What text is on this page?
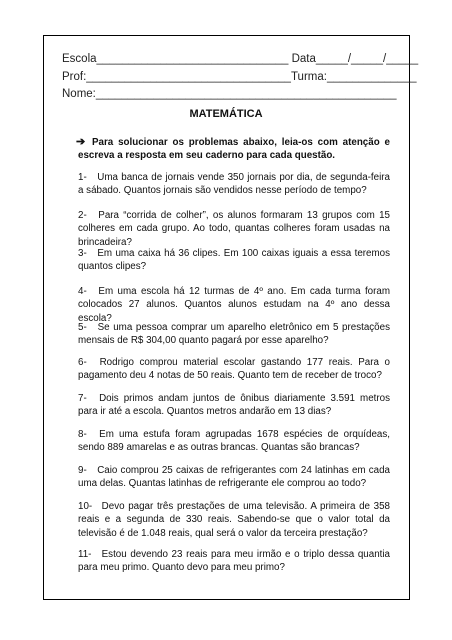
Escola______________________________ Data_____/_____/_____
Prof:________________________________Turma:______________
Nome:_______________________________________________
MATEMÁTICA
➔ Para solucionar os problemas abaixo, leia-os com atenção e escreva a resposta em seu caderno para cada questão.
1- Uma banca de jornais vende 350 jornais por dia, de segunda-feira a sábado. Quantos jornais são vendidos nesse período de tempo?
2- Para “corrida de colher”, os alunos formaram 13 grupos com 15 colheres em cada grupo. Ao todo, quantas colheres foram usadas na brincadeira?
3- Em uma caixa há 36 clipes. Em 100 caixas iguais a essa teremos quantos clipes?
4- Em uma escola há 12 turmas de 4º ano. Em cada turma foram colocados 27 alunos. Quantos alunos estudam na 4º ano dessa escola?
5- Se uma pessoa comprar um aparelho eletrônico em 5 prestações mensais de R$ 304,00 quanto pagará por esse aparelho?
6- Rodrigo comprou material escolar gastando 177 reais. Para o pagamento deu 4 notas de 50 reais. Quanto tem de receber de troco?
7- Dois primos andam juntos de ônibus diariamente 3.591 metros para ir até a escola. Quantos metros andarão em 13 dias?
8- Em uma estufa foram agrupadas 1678 espécies de orquídeas, sendo 889 amarelas e as outras brancas. Quantas são brancas?
9- Caio comprou 25 caixas de refrigerantes com 24 latinhas em cada uma delas. Quantas latinhas de refrigerante ele comprou ao todo?
10- Devo pagar três prestações de uma televisão. A primeira de 358 reais e a segunda de 330 reais. Sabendo-se que o valor total da televisão é de 1.048 reais, qual será o valor da terceira prestação?
11- Estou devendo 23 reais para meu irmão e o triplo dessa quantia para meu primo. Quanto devo para meu primo?
